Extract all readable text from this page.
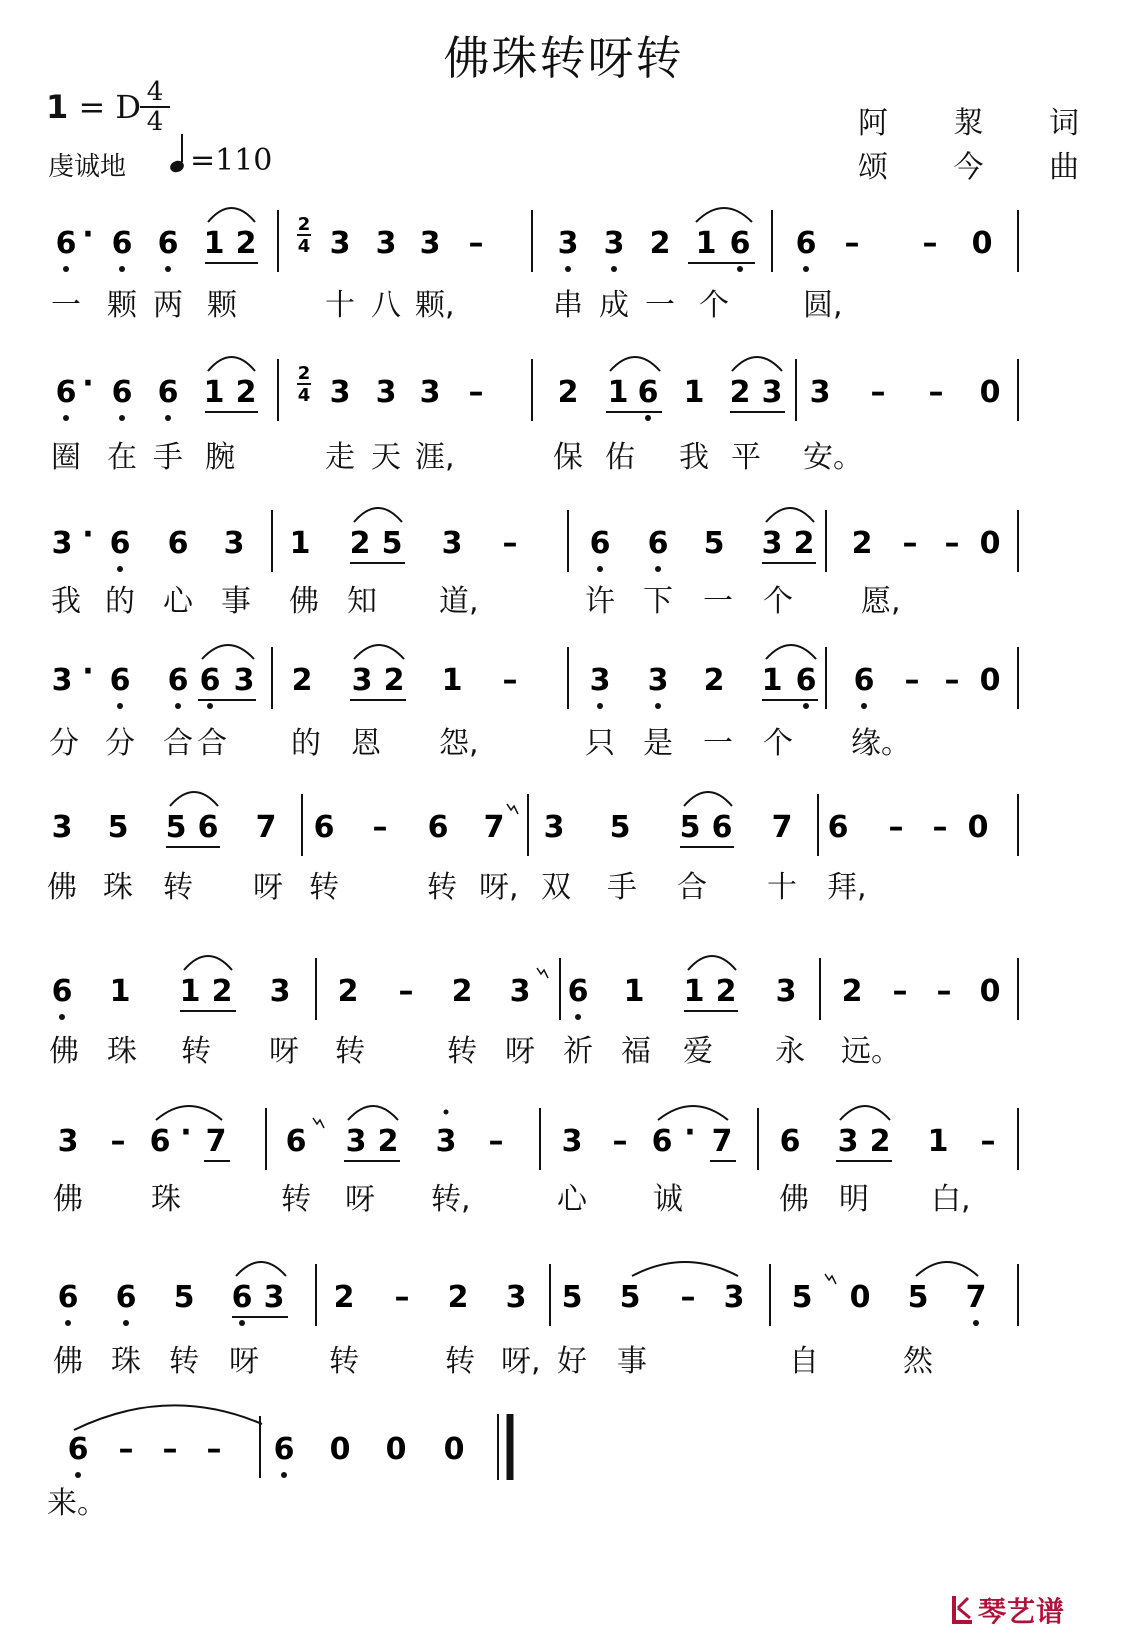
佛珠转呀转
1 = D 4
4
虔诚地	=110
阿 洯 词
颂 今 曲
6 · 6 6 1 2 3 3 3 – 3 3 2 1 6 6 – – 0
2
4
6 · 6 6 1 2 3 3 3 – 2 1 6 1 2 3 3 – – 0
2
4
3 · 6 6 3 1 2 5 3 – 6 6 5 3 2 2 – – 0
3 · 6 6 6 3 2 3 2 1 – 3 3 2 1 6 6 – – 0
3 5 5 6 7 6 – 6 7 3 5 5 6 7 6 – – 0
6 1 1 2 3 2 – 2 3 6 1 1 2 3 2 – – 0
3 – 6 · 7 6 3 2 3 – 3 – 6 · 7 6 3 2 1 –
6 6 5 6 3 2 – 2 3 5 5 – 3 5 0 5 7
6 – – – 6 0 0 0
一 颗 两 颗	十 八 颗,	串 成 一 个 圆,
圈 在 手 腕	走 天 涯,	保 佑 我 平 安。
我 的 心 事 佛 知 道,	许 下 一 个 愿,
分 分 合 合 的 恩 怨,	只 是 一 个 缘。
佛 珠 转 呀 转	转 呀, 双 手 合 十 拜,
佛 珠 转 呀 转	转 呀 祈 福 爱 永 远。
佛 珠	转 呀 转,	心 诚	佛 明 白,
佛 珠 转 呀 转	转 呀, 好 事	自	然
来。
琴艺谱
